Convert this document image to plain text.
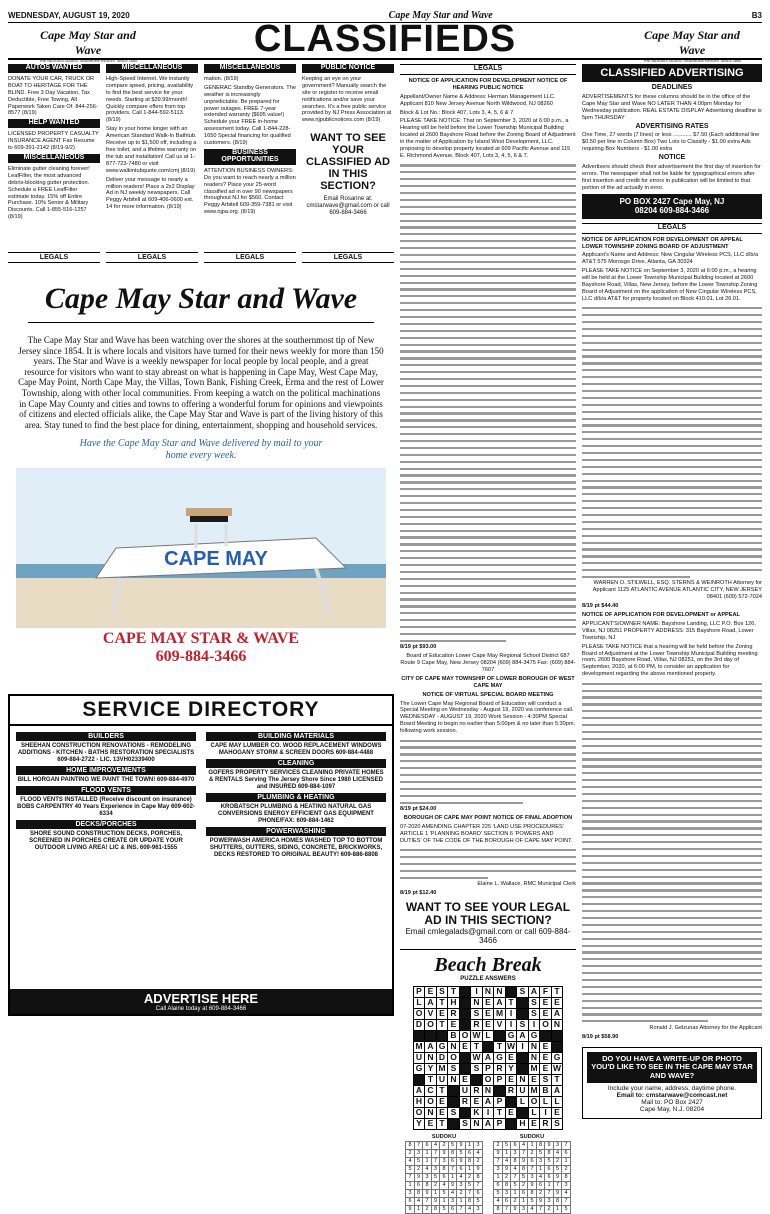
WEDNESDAY, AUGUST 19, 2020	Cape May Star and Wave	B3
Cape May Star and Wave
THE NATION'S OLDEST SEASHORE RESORT SINCE 1854
CLASSIFIEDS	Cape May Star and Wave
THE NATION'S OLDEST SEASHORE RESORT SINCE 1854
AUTOS WANTED

DONATE YOUR CAR, TRUCK OR BOAT TO HERITAGE FOR THE BLIND. Free 3 Day Vacation, Tax Deductible, Free Towing, All Paperwork Taken Care Of. 844-256-8577 (8/19)

HELP WANTED

LICENSED PROPERTY CASUALTY INSURANCE AGENT Fax Resume to 609-391-2142 (8/19-9/2)

MISCELLANEOUS

Eliminate gutter cleaning forever! LeafFilter, the most advanced debris-blocking gutter protection. Schedule a FREE LeafFilter estimate today. 15% off Entire Purchase. 10% Senior & Military Discounts. Call 1-855-516-1257 (8/19)

MISCELLANEOUS

High-Speed Internet. We instantly compare speed, pricing, availability to find the best service for your needs. Starting at $39.99/month! Quickly compare offers from top providers. Call 1-844-592-5113. (8/19)

Stay in your home longer with an American Standard Walk-In Bathtub. Receive up to $1,500 off, including a free toilet, and a lifetime warranty on the tub and installation! Call us at 1-877-723-7480 or visit www.walkintubquote.com/cmj (8/19)

Deliver your message to nearly a million readers! Place a 2x2 Display Ad in NJ weekly newspapers. Call Peggy Arbitell at 609-406-0600 ext. 14 for more information. (8/19)

MISCELLANEOUS

mation. (8/19)

GENERAC Standby Generators. The weather is increasingly unpredictable. Be prepared for power outages. FREE 7-year extended warranty ($695 value!) Schedule your FREE in-home assessment today. Call 1-844-228-1650 Special financing for qualified customers. (8/19)

BUSINESS OPPORTUNITIES

ATTENTION BUSINESS OWNERS: Do you want to reach nearly a million readers? Place your 25-word classified ad in over 90 newspapers throughout NJ for $560. Contact Peggy Arbitell 609-359-7381 or visit www.njpa.org. (8/19)

PUBLIC NOTICE

Keeping an eye on your government? Manually search the site or register to receive email notifications and/or save your searches. It's a free public service provided by NJ Press Association at www.njpublicnotices.com (8/19)

WANT TO SEE YOUR CLASSIFIED AD IN THIS SECTION?
Email Rosanne at: cmstarwave@gmail.com or call 609-884-3466
LEGALS	LEGALS	LEGALS	LEGALS
Cape May Star and Wave
The Cape May Star and Wave has been watching over the shores at the southernmost tip of New Jersey since 1854. It is where locals and visitors have turned for their news weekly for more than 150 years. The Star and Wave is a weekly newspaper for local people by local people, and a great resource for visitors who want to stay abreast on what is happening in Cape May, West Cape May, Cape May Point, North Cape May, the Villas, Town Bank, Fishing Creek, Erma and the rest of Lower Township, along with other local communities. From keeping a watch on the political machinations in Cape May County and cities and towns to offering a wonderful forum for opinions and viewpoints of citizens and elected officials alike, the Cape May Star and Wave is part of the living history of this area. Stay tuned to find the best place for dining, entertainment, shopping and household services.
Have the Cape May Star and Wave delivered by mail to your home every week.
CAPE MAY
CAPE MAY STAR & WAVE
609-884-3466
SERVICE DIRECTORY
BUILDERS
SHEEHAN CONSTRUCTION RENOVATIONS - REMODELING ADDITIONS - KITCHEN - BATHS RESTORATION SPECIALISTS 609-884-2722 - LIC. 13VH02339400
HOME IMPROVEMENTS
BILL HORGAN PAINTING WE PAINT THE TOWN! 609-884-4970
FLOOD VENTS
FLOOD VENTS INSTALLED (Receive discount on insurance) BOBS CARPENTRY 40 Years Experience in Cape May 609-602-6334
DECKS/PORCHES
SHORE SOUND CONSTRUCTION DECKS, PORCHES, SCREENED IN PORCHES CREATE OR UPDATE YOUR OUTDOOR LIVING AREA! LIC & INS. 609-961-1555
BUILDING MATERIALS
CAPE MAY LUMBER CO. WOOD REPLACEMENT WINDOWS MAHOGANY STORM & SCREEN DOORS 609-884-4488
CLEANING
GOFERS PROPERTY SERVICES CLEANING PRIVATE HOMES & RENTALS Serving The Jersey Shore Since 1980 LICENSED and INSURED 609-884-1097
PLUMBING & HEATING
KROBATSCH PLUMBING & HEATING NATURAL GAS CONVERSIONS ENERGY EFFICIENT GAS EQUIPMENT PHONE/FAX: 609-884-1462
POWERWASHING
POWERWASH AMERICA HOMES WASHED TOP TO BOTTOM SHUTTERS, GUTTERS, SIDING, CONCRETE, BRICKWORKS, DECKS RESTORED TO ORIGINAL BEAUTY! 609-886-8808
ADVERTISE HERE
Call Alaine today at 609-884-3466
LEGALS

NOTICE OF APPLICATION FOR DEVELOPMENT NOTICE OF HEARING PUBLIC NOTICE

Appellant/Owner Name & Address: Herman Management LLC. Applicant 810 New Jersey Avenue North Wildwood, NJ 08260

Block & Lot No.: Block 407, Lots 3, 4, 5, 6 & 7

PLEASE TAKE NOTICE: That on September 3, 2020 at 6:00 p.m., a Hearing will be held before the Lower Township Municipal Building located at 2600 Bayshore Road before the Zoning Board of Adjustment in the matter of Application by Island West Development, LLC. proposing to develop property located at 609 Pacific Avenue and 115 E. Richmond Avenue, Block 407, Lots 3, 4, 5, 6 & 7.

8/19 pt $93.00

Board of Education Lower Cape May Regional School District 687 Route 9 Cape May, New Jersey 08204 (609) 884-3475 Fax: (609) 884-7607

CITY OF CAPE MAY TOWNSHIP OF LOWER BOROUGH OF WEST CAPE MAY

NOTICE OF VIRTUAL SPECIAL BOARD MEETING

The Lower Cape May Regional Board of Education will conduct a Special Meeting on Wednesday - August 19, 2020 via conference call. WEDNESDAY - AUGUST 19, 2020 Work Session - 4:30PM Special Board Meeting to begin no earlier than 5:00pm & no later than 5:30pm, following work session.

8/19 pt $24.00

BOROUGH OF CAPE MAY POINT NOTICE OF FINAL ADOPTION

07-2020 AMENDING CHAPTER 225 'LAND USE PROCEDURES' ARTICLE 1 'PLANNING BOARD' SECTION 6 'POWERS AND DUTIES' OF THE CODE OF THE BOROUGH OF CAPE MAY POINT.

Elaine L. Wallace, RMC Municipal Clerk

8/19 pt $12.40

WANT TO SEE YOUR LEGAL AD IN THIS SECTION?
Email cmlegalads@gmail.com or call 609-884-3466
Beach Break
PUZZLE ANSWERS
P	E	S	T		I	N	N		S	A	F	T
L	A	T	H		N	E	A	T		S	E	E
O	V	E	R		S	E	M	I		S	E	A
D	O	T	E		R	E	V	I	S	I	O	N
			B	O	W	L		G	A	G		
M	A	G	N	E	T		T	W	I	N	E	
U	N	D	O		W	A	G	E		N	E	G
G	Y	M	S		S	P	R	Y		M	E	W
	T	U	N	E		O	P	E	N	E	S	T
A	C	T		U	R	N		R	U	M	B	A
H	O	E		R	E	A	P		L	O	L	L
O	N	E	S		K	I	T	E		L	I	E
Y	E	T		S	N	A	P		H	E	R	S
SUDOKU
8	7	6	4	2	5	9	1	3
2	3	1	7	9	8	5	6	4
4	5	1	7	3	6	9	8	2
5	2	4	3	8	7	6	1	9
7	9	3	5	6	1	4	2	8
1	6	8	2	4	9	3	5	7
3	8	9	1	5	4	2	7	6
6	4	7	9	1	3	1	8	5
9	1	2	8	5	6	7	4	3
SUDOKU
2	5	6	4	1	8	9	3	7
9	1	3	7	2	5	8	4	6
7	4	8	9	6	3	5	2	1
3	9	4	8	7	1	6	5	2
1	2	7	5	3	4	6	9	8
6	8	5	2	9	6	1	7	3
5	3	1	6	8	2	7	9	4
4	6	2	1	5	9	3	8	7
8	7	9	3	4	7	2	1	5
CLASSIFIED ADVERTISING

DEADLINES

ADVERTISEMENTS for these columns should be in the office of the Cape May Star and Wave NO LATER THAN 4:00pm Monday for Wednesday publication. REAL ESTATE DISPLAY Advertising deadline is 5pm THURSDAY

ADVERTISING RATES

One Time, 27 words (7 lines) or less ............ $7.50 (Each additional line $0.50 per line in Column Box) Two Lots to Classify - $1.00 extra Ads requiring Box Numbers - $1.00 extra

NOTICE

Advertisers should check their advertisement the first day of insertion for errors. The newspaper shall not be liable for typographical errors after first insertion and credit for errors in publication will be limited to that portion of the ad actually in error.

PO BOX 2427 Cape May, NJ 08204 609-884-3466
LEGALS

NOTICE OF APPLICATION FOR DEVELOPMENT OR APPEAL LOWER TOWNSHIP ZONING BOARD OF ADJUSTMENT

Applicant's Name and Address: New Cingular Wireless PCS, LLC d/b/a AT&T 575 Morosgo Drive, Atlanta, GA 30324

PLEASE TAKE NOTICE on September 3, 2020 at 6:00 p.m., a hearing will be held at the Lower Township Municipal Building located at 2600 Bayshore Road, Villas, New Jersey, before the Lower Township Zoning Board of Adjustment on the application of New Cingular Wireless PCS, LLC d/b/a AT&T for property located on Block 410.01, Lot 26.01.

WARREN O. STILWELL, ESQ. STERNS & WEINROTH Attorney for Applicant 1125 ATLANTIC AVENUE ATLANTIC CITY, NEW JERSEY 08401 (609) 572-7024

8/19 pt $44.40

NOTICE OF APPLICATION FOR DEVELOPMENT or APPEAL

APPLICANT'S/OWNER NAME: Bayshore Landing, LLC P.O. Box 126, Villas, NJ 08251 PROPERTY ADDRESS: 315 Bayshore Road, Lower Township, NJ

PLEASE TAKE NOTICE that a hearing will be held before the Zoning Board of Adjustment at the Lower Township Municipal Building meeting room, 2600 Bayshore Road, Villas, NJ 08251, on the 3rd day of September, 2020, at 6:00 PM, to consider an application for development regarding the above mentioned property.

Ronald J. Gelzunas Attorney for the Applicant

8/19 pt $58.90

DO YOU HAVE A WRITE-UP OR PHOTO YOU'D LIKE TO SEE IN THE CAPE MAY STAR AND WAVE?
Include your name, address, daytime phone.
Email to: cmstarwave@comcast.net
Mail to: PO Box 2427
Cape May, N.J. 08204
